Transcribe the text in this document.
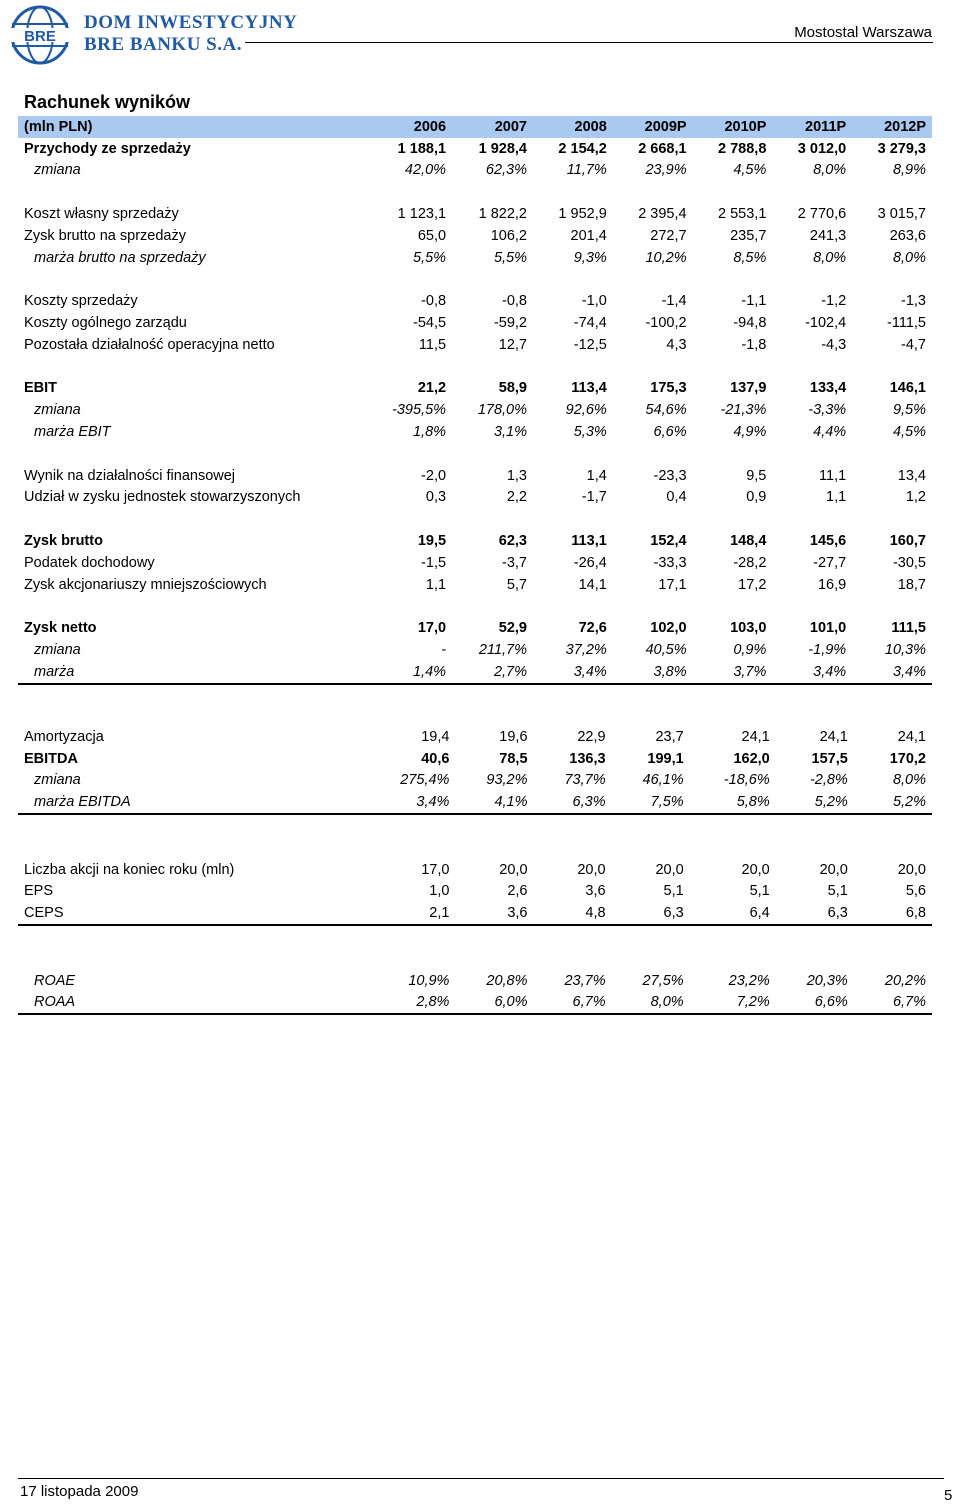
BRE
DOM INWESTYCYJNY
BRE BANKU S.A.
Mostostal Warszawa
Rachunek wyników
(mln PLN)	2006	2007	2008	2009P	2010P	2011P	2012P
Przychody ze sprzedaży	1 188,1	1 928,4	2 154,2	2 668,1	2 788,8	3 012,0	3 279,3
zmiana	42,0%	62,3%	11,7%	23,9%	4,5%	8,0%	8,9%

Koszt własny sprzedaży	1 123,1	1 822,2	1 952,9	2 395,4	2 553,1	2 770,6	3 015,7
Zysk brutto na sprzedaży	65,0	106,2	201,4	272,7	235,7	241,3	263,6
marża brutto na sprzedaży	5,5%	5,5%	9,3%	10,2%	8,5%	8,0%	8,0%

Koszty sprzedaży	-0,8	-0,8	-1,0	-1,4	-1,1	-1,2	-1,3
Koszty ogólnego zarządu	-54,5	-59,2	-74,4	-100,2	-94,8	-102,4	-111,5
Pozostała działalność operacyjna netto	11,5	12,7	-12,5	4,3	-1,8	-4,3	-4,7

EBIT	21,2	58,9	113,4	175,3	137,9	133,4	146,1
zmiana	-395,5%	178,0%	92,6%	54,6%	-21,3%	-3,3%	9,5%
marża EBIT	1,8%	3,1%	5,3%	6,6%	4,9%	4,4%	4,5%

Wynik na działalności finansowej	-2,0	1,3	1,4	-23,3	9,5	11,1	13,4
Udział w zysku jednostek stowarzyszonych	0,3	2,2	-1,7	0,4	0,9	1,1	1,2

Zysk brutto	19,5	62,3	113,1	152,4	148,4	145,6	160,7
Podatek dochodowy	-1,5	-3,7	-26,4	-33,3	-28,2	-27,7	-30,5
Zysk akcjonariuszy mniejszościowych	1,1	5,7	14,1	17,1	17,2	16,9	18,7

Zysk netto	17,0	52,9	72,6	102,0	103,0	101,0	111,5
zmiana	-	211,7%	37,2%	40,5%	0,9%	-1,9%	10,3%
marża	1,4%	2,7%	3,4%	3,8%	3,7%	3,4%	3,4%
Amortyzacja	19,4	19,6	22,9	23,7	24,1	24,1	24,1
EBITDA	40,6	78,5	136,3	199,1	162,0	157,5	170,2
zmiana	275,4%	93,2%	73,7%	46,1%	-18,6%	-2,8%	8,0%
marża EBITDA	3,4%	4,1%	6,3%	7,5%	5,8%	5,2%	5,2%

Liczba akcji na koniec roku (mln)	17,0	20,0	20,0	20,0	20,0	20,0	20,0
EPS	1,0	2,6	3,6	5,1	5,1	5,1	5,6
CEPS	2,1	3,6	4,8	6,3	6,4	6,3	6,8

ROAE	10,9%	20,8%	23,7%	27,5%	23,2%	20,3%	20,2%
ROAA	2,8%	6,0%	6,7%	8,0%	7,2%	6,6%	6,7%
17 listopada 2009	5
